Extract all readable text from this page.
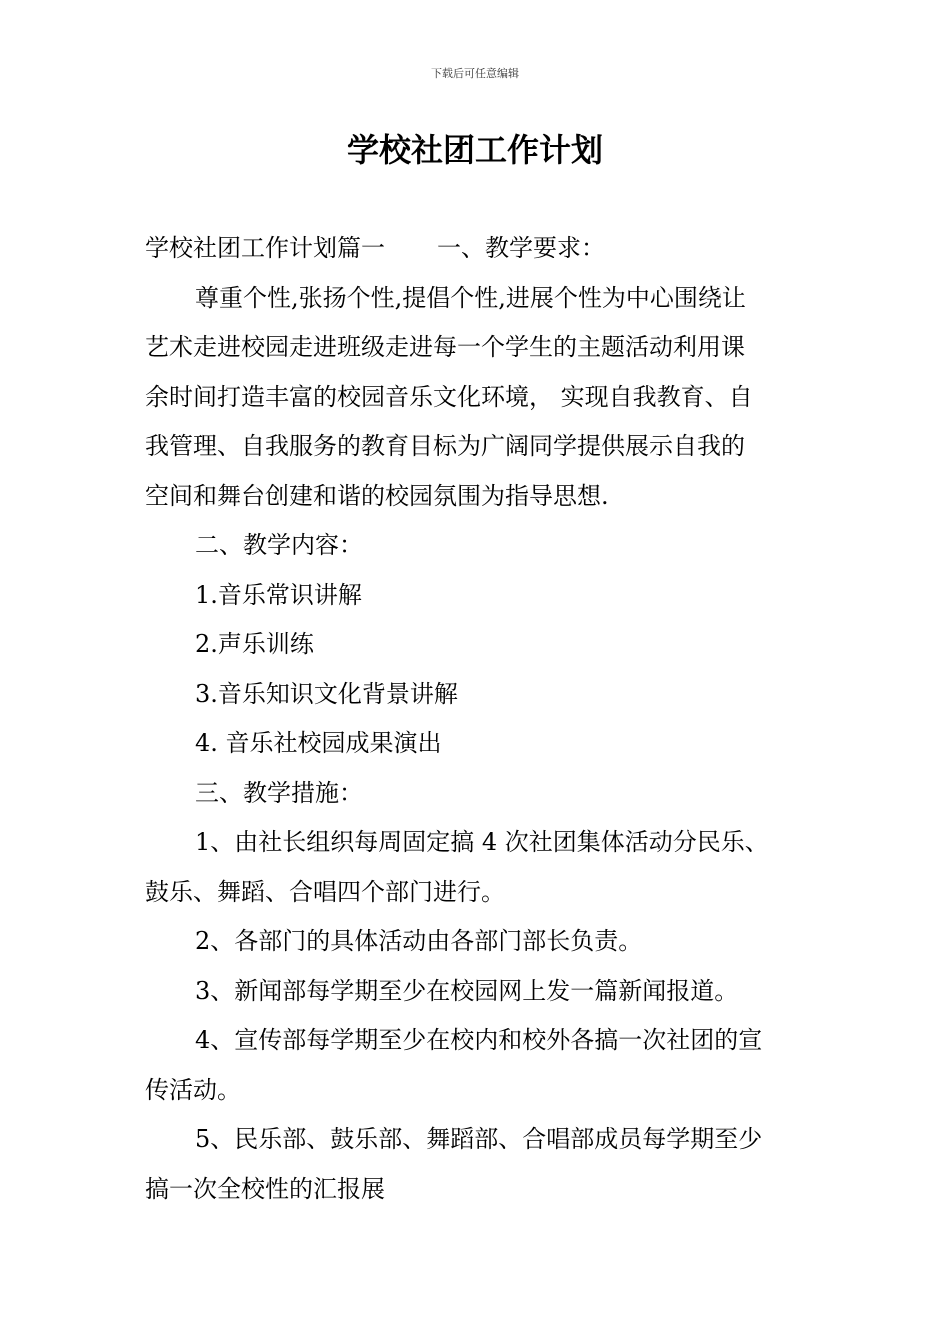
下载后可任意编辑
学校社团工作计划
学校社团工作计划篇一 一、教学要求：
尊重个性,张扬个性,提倡个性,进展个性为中心围绕让
艺术走进校园走进班级走进每一个学生的主题活动利用课
余时间打造丰富的校园音乐文化环境， 实现自我教育、自
我管理、自我服务的教育目标为广阔同学提供展示自我的
空间和舞台创建和谐的校园氛围为指导思想.
二、教学内容：
1.音乐常识讲解
2.声乐训练
3.音乐知识文化背景讲解
4. 音乐社校园成果演出
三、教学措施：
1、由社长组织每周固定搞 4 次社团集体活动分民乐、
鼓乐、舞蹈、合唱四个部门进行。
2、各部门的具体活动由各部门部长负责。
3、新闻部每学期至少在校园网上发一篇新闻报道。
4、宣传部每学期至少在校内和校外各搞一次社团的宣
传活动。
5、民乐部、鼓乐部、舞蹈部、合唱部成员每学期至少
搞一次全校性的汇报展
